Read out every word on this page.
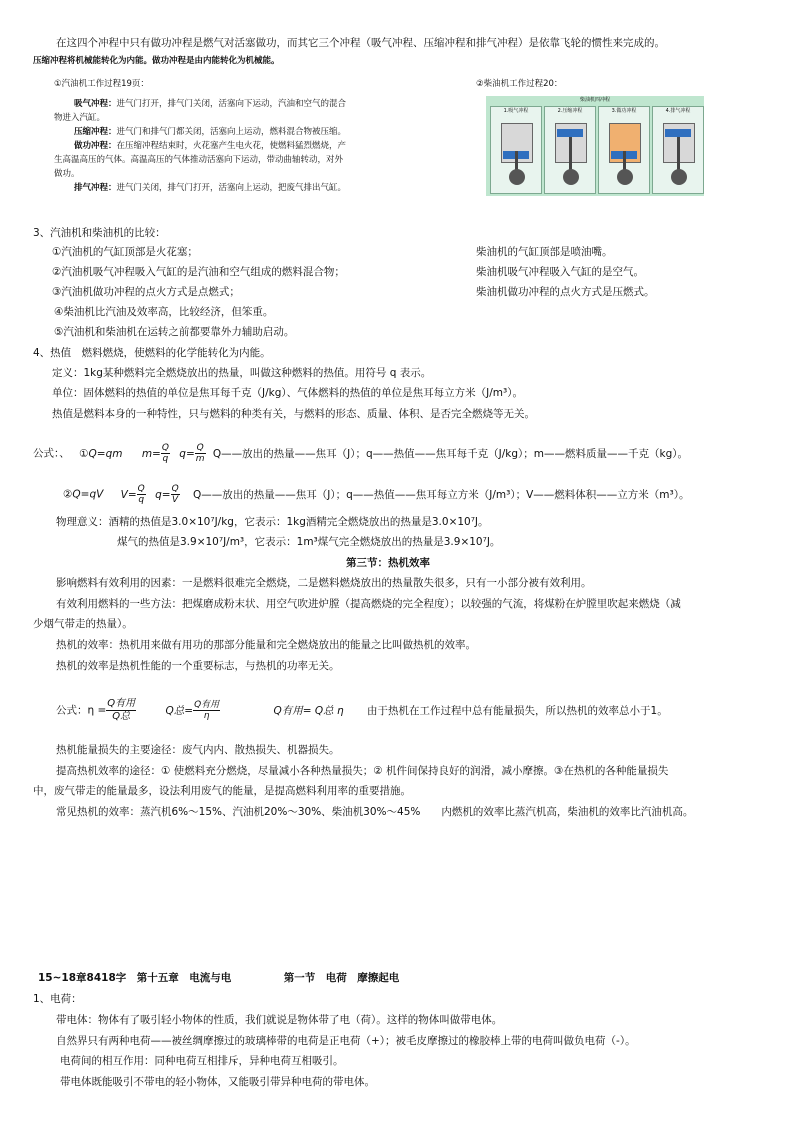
在这四个冲程中只有做功冲程是燃气对活塞做功，而其它三个冲程（吸气冲程、压缩冲程和排气冲程）是依靠飞轮的惯性来完成的。
压缩冲程将机械能转化为内能。做功冲程是由内能转化为机械能。
①汽油机工作过程19页：
吸气冲程：进气门打开，排气门关闭，活塞向下运动，汽油和空气的混合
物进入汽缸。
压缩冲程：进气门和排气门都关闭，活塞向上运动，燃料混合物被压缩。
做功冲程：在压缩冲程结束时，火花塞产生电火花，使燃料猛烈燃烧，产
生高温高压的气体。高温高压的气体推动活塞向下运动，带动曲轴转动，对外
做功。
排气冲程：进气门关闭，排气门打开，活塞向上运动，把废气排出气缸。
②柴油机工作过程20：
柴油机四冲程
1.吸气冲程	2.压缩冲程	3.做功冲程	4.排气冲程
3、汽油机和柴油机的比较：
①汽油机的气缸顶部是火花塞；	柴油机的气缸顶部是喷油嘴。
②汽油机吸气冲程吸入气缸的是汽油和空气组成的燃料混合物；	柴油机吸气冲程吸入气缸的是空气。
③汽油机做功冲程的点火方式是点燃式；	柴油机做功冲程的点火方式是压燃式。
④柴油机比汽油及效率高，比较经济，但笨重。
⑤汽油机和柴油机在运转之前都要靠外力辅助启动。
4、热值　燃料燃烧，使燃料的化学能转化为内能。
定义：1kg某种燃料完全燃烧放出的热量，叫做这种燃料的热值。用符号 q 表示。
单位：固体燃料的热值的单位是焦耳每千克（J/kg）、气体燃料的热值的单位是焦耳每立方米（J/m³）。
热值是燃料本身的一种特性，只与燃料的种类有关，与燃料的形态、质量、体积、是否完全燃烧等无关。
公式：、 ①Q=qm $m= \frac{Q}{q} q= \frac{Q}{m}$ Q——放出的热量——焦耳（J）；q——热值——焦耳每千克（J/kg）；m——燃料质量——千克（kg）。
②Q=qV $V= \frac{Q}{q} q= \frac{Q}{V}$ Q——放出的热量——焦耳（J）；q——热值——焦耳每立方米（J/m³）；V——燃料体积——立方米（m³）。
物理意义：酒精的热值是3.0×10⁷J/kg，它表示：1kg酒精完全燃烧放出的热量是3.0×10⁷J。
煤气的热值是3.9×10⁷J/m³，它表示：1m³煤气完全燃烧放出的热量是3.9×10⁷J。
第三节：热机效率
影响燃料有效利用的因素：一是燃料很难完全燃烧，二是燃料燃烧放出的热量散失很多，只有一小部分被有效利用。
有效利用燃料的一些方法：把煤磨成粉末状、用空气吹进炉膛（提高燃烧的完全程度）；以较强的气流，将煤粉在炉膛里吹起来燃烧（减
少烟气带走的热量）。
热机的效率：热机用来做有用功的那部分能量和完全燃烧放出的能量之比叫做热机的效率。
热机的效率是热机性能的一个重要标志，与热机的功率无关。
公式：$\eta = \frac{\text{Q有用}}{\text{Q总}}$	Q总= $\frac{\text{Q有用}}{\eta}$	Q有用= Q总 η 由于热机在工作过程中总有能量损失，所以热机的效率总小于1。
热机能量损失的主要途径：废气内内、散热损失、机器损失。
提高热机效率的途径：① 使燃料充分燃烧，尽量减小各种热量损失；② 机件间保持良好的润滑，减小摩擦。③在热机的各种能量损失
中，废气带走的能量最多，设法利用废气的能量，是提高燃料利用率的重要措施。
常见热机的效率：蒸汽机6%～15%、汽油机20%～30%、柴油机30%～45%　　内燃机的效率比蒸汽机高，柴油机的效率比汽油机高。
15~18章8418字　第十五章　电流与电　　　　　第一节　电荷　摩擦起电
1、电荷：
带电体：物体有了吸引轻小物体的性质，我们就说是物体带了电（荷）。这样的物体叫做带电体。
自然界只有两种电荷——被丝绸摩擦过的玻璃棒带的电荷是正电荷（+）；被毛皮摩擦过的橡胶棒上带的电荷叫做负电荷（-）。
电荷间的相互作用：同种电荷互相排斥，异种电荷互相吸引。
带电体既能吸引不带电的轻小物体，又能吸引带异种电荷的带电体。
